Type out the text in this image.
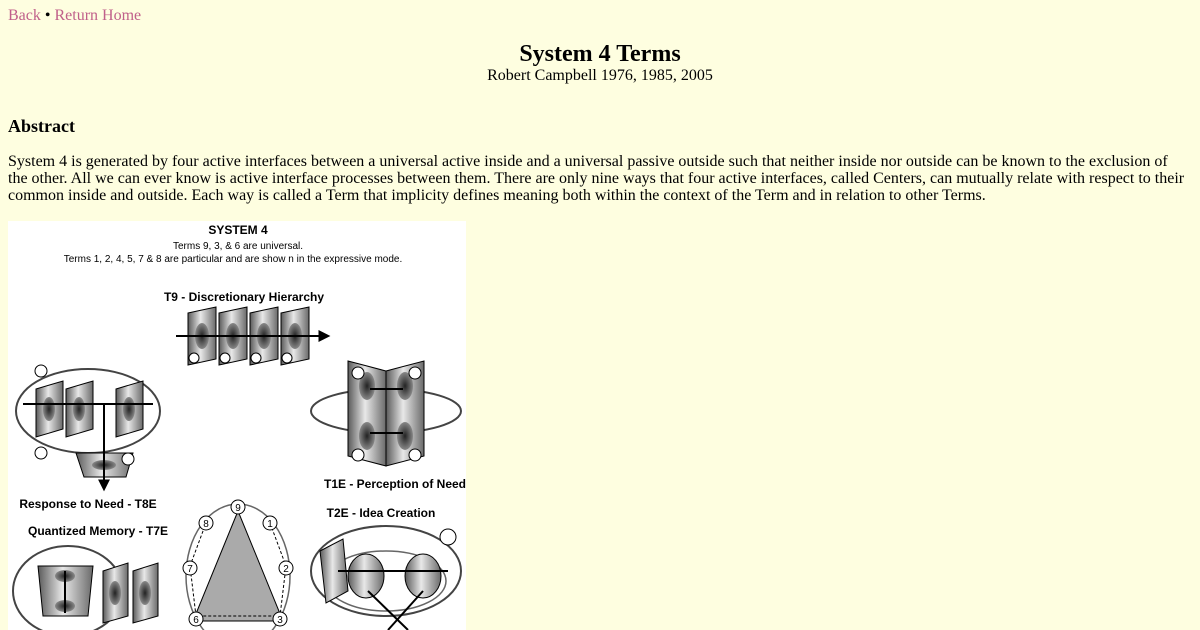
Back • Return Home
System 4 Terms
Robert Campbell 1976, 1985, 2005
Abstract

System 4 is generated by four active interfaces between a universal active inside and a universal passive outside such that neither inside nor outside can be known to the exclusion of the other. All we can ever know is active interface processes between them. There are only nine ways that four active interfaces, called Centers, can mutually relate with respect to their common inside and outside. Each way is called a Term that implicity defines meaning both within the context of the Term and in relation to other Terms.

SYSTEM 4
Terms 9, 3, & 6 are universal.
Terms 1, 2, 4, 5, 7 & 8 are particular and are show n in the expressive mode.
T9 - Discretionary Hierarchy
T1E - Perception of Need
T2E - Idea Creation
Response to Need - T8E
Quantized Memory - T7E
9
1
2
3
6
7
8
